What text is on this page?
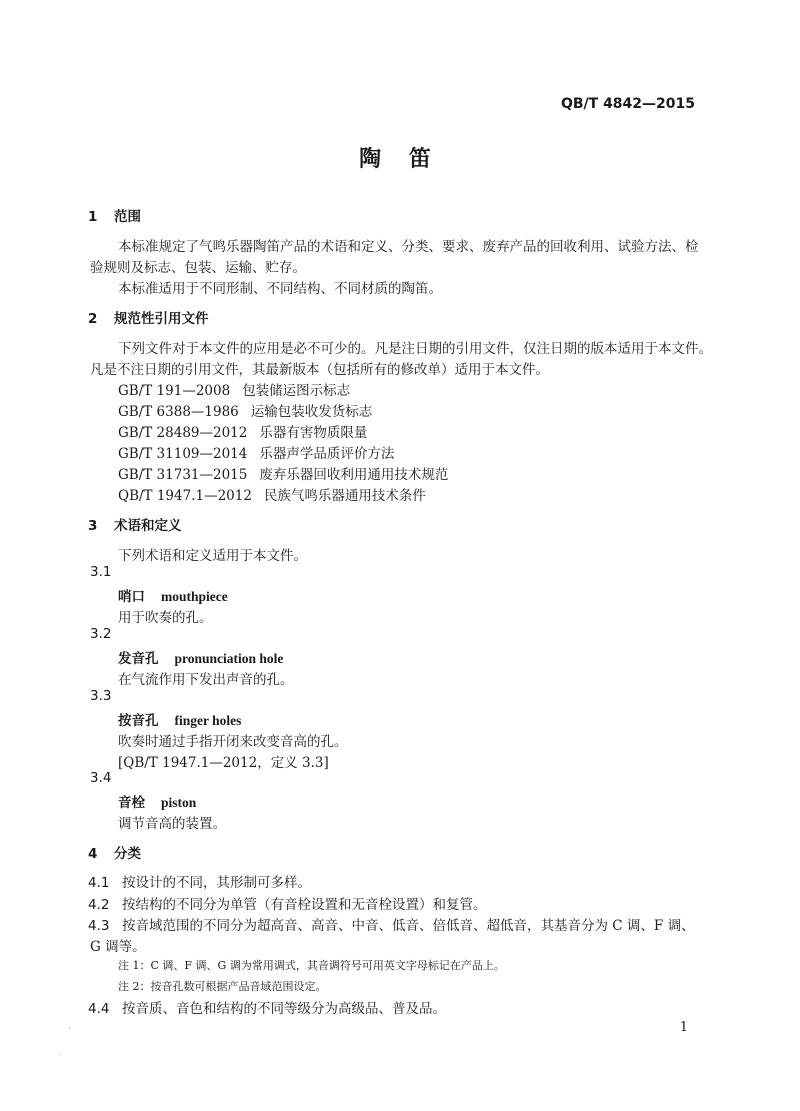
QB/T 4842—2015
陶 笛
1 范围
本标准规定了气鸣乐器陶笛产品的术语和定义、分类、要求、废弃产品的回收利用、试验方法、检
验规则及标志、包装、运输、贮存。
本标准适用于不同形制、不同结构、不同材质的陶笛。
2 规范性引用文件
下列文件对于本文件的应用是必不可少的。凡是注日期的引用文件，仅注日期的版本适用于本文件。
凡是不注日期的引用文件，其最新版本（包括所有的修改单）适用于本文件。
GB/T 191—2008 包装储运图示标志
GB/T 6388—1986 运输包装收发货标志
GB/T 28489—2012 乐器有害物质限量
GB/T 31109—2014 乐器声学品质评价方法
GB/T 31731—2015 废弃乐器回收利用通用技术规范
QB/T 1947.1—2012 民族气鸣乐器通用技术条件
3 术语和定义
下列术语和定义适用于本文件。
3.1
哨口 mouthpiece
用于吹奏的孔。
3.2
发音孔 pronunciation hole
在气流作用下发出声音的孔。
3.3
按音孔 finger holes
吹奏时通过手指开闭来改变音高的孔。
[QB/T 1947.1—2012，定义 3.3]
3.4
音栓 piston
调节音高的装置。
4 分类
4.1 按设计的不同，其形制可多样。
4.2 按结构的不同分为单管（有音栓设置和无音栓设置）和复管。
4.3 按音域范围的不同分为超高音、高音、中音、低音、倍低音、超低音，其基音分为 C 调、F 调、
G 调等。
注 1：C 调、F 调、G 调为常用调式，其音调符号可用英文字母标记在产品上。
注 2：按音孔数可根据产品音域范围设定。
4.4 按音质、音色和结构的不同等级分为高级品、普及品。
1
·
·
